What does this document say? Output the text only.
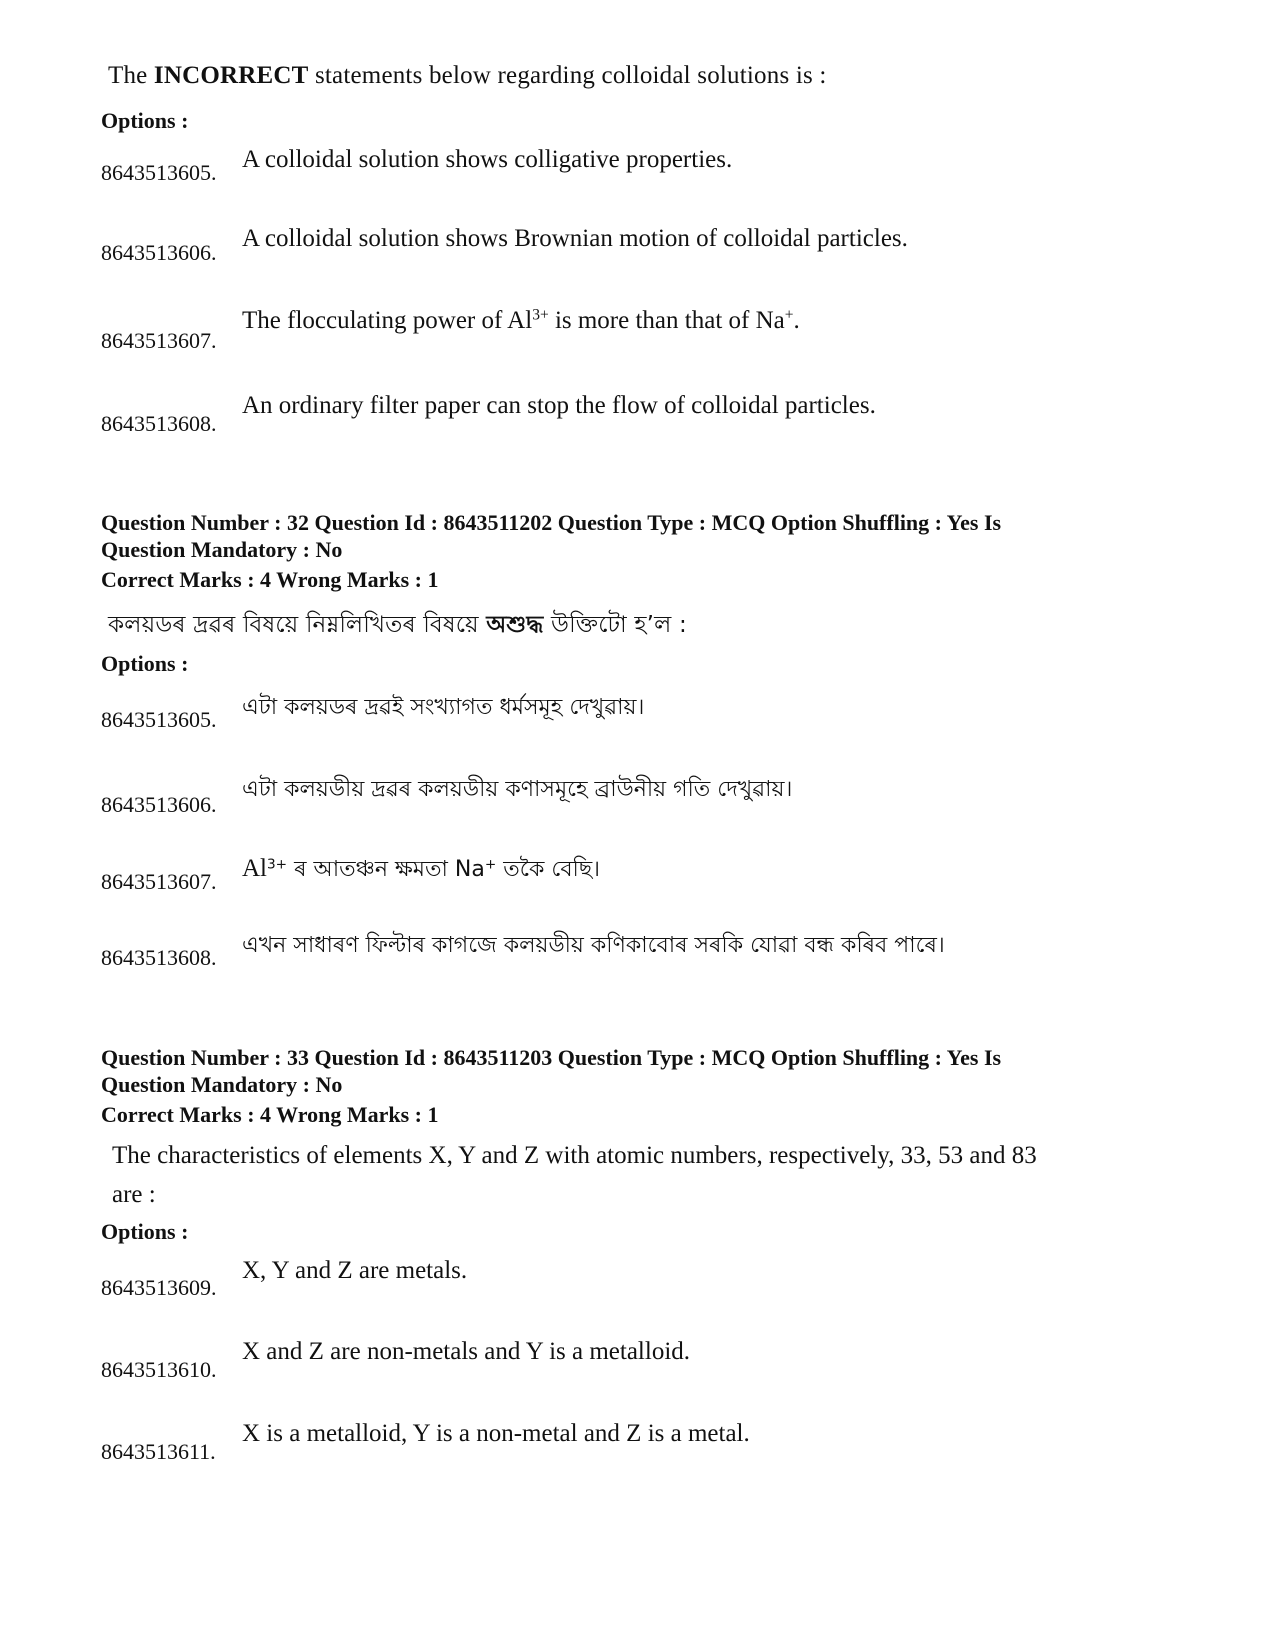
The INCORRECT statements below regarding colloidal solutions is :
Options :
8643513605. A colloidal solution shows colligative properties.
8643513606.
A colloidal solution shows Brownian motion of colloidal particles.
8643513607.
The flocculating power of $Al^{3+}$ is more than that of Na+.
8643513608.
An ordinary filter paper can stop the flow of colloidal particles.
Question Number : 32 Question Id : 8643511202 Question Type : MCQ Option Shuffling : Yes Is
Question Mandatory : No
Correct Marks : 4 Wrong Marks : 1
কলয়ডৰ দ্ৰৱৰ বিষয়ে নিম্নলিখিতৰ বিষয়ে অশুদ্ধ উক্তিটো হ’ল :
Options :
8643513605. এটা কলয়ডৰ দ্ৰৱই সংখ্যাগত ধৰ্মসমূহ দেখুৱায়।
8643513606.
এটা কলয়ডীয় দ্ৰৱৰ কলয়ডীয় কণাসমূহে ব্ৰাউনীয় গতি দেখুৱায়।
8643513607. $Al^{3+}$ ৰ আতঞ্চন ক্ষমতা Na+ তকৈ বেছি।
8643513608. এখন সাধাৰণ ফিল্টাৰ কাগজে কলয়ডীয় কণিকাবোৰ সৰকি যোৱা বন্ধ কৰিব পাৰে।
Question Number : 33 Question Id : 8643511203 Question Type : MCQ Option Shuffling : Yes Is
Question Mandatory : No
Correct Marks : 4 Wrong Marks : 1
The characteristics of elements X, Y and Z with atomic numbers, respectively, 33, 53 and 83
are :
Options :
8643513609.
X, Y and Z are metals.
8643513610.
X and Z are non-metals and Y is a metalloid.
8643513611.
X is a metalloid, Y is a non-metal and Z is a metal.
